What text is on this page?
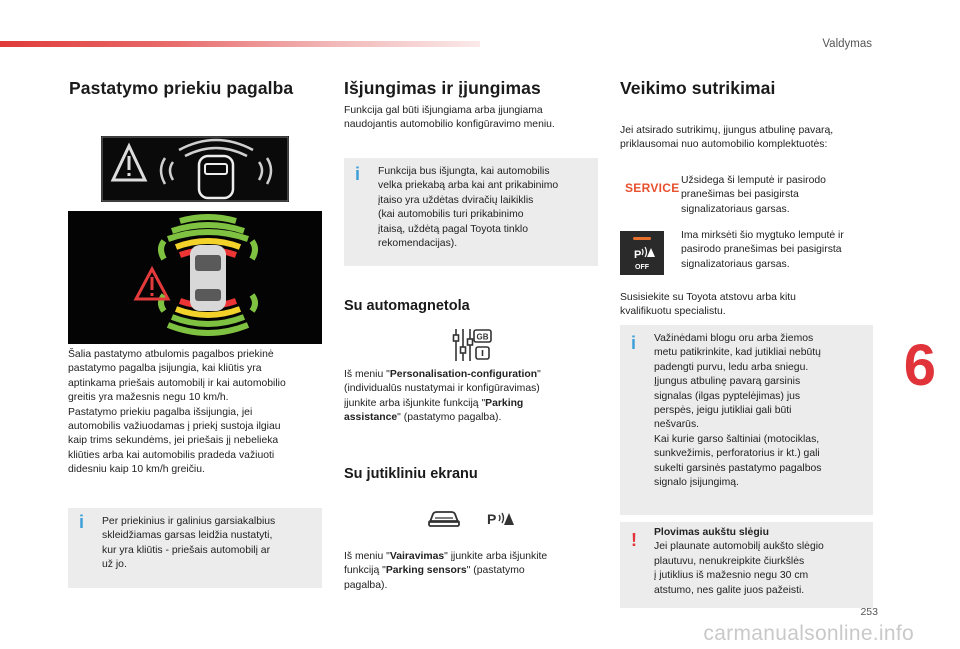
Valdymas
Pastatymo priekiu pagalba
Šalia pastatymo atbulomis pagalbos priekinė
pastatymo pagalba įsijungia, kai kliūtis yra
aptinkama priešais automobilį ir kai automobilio
greitis yra mažesnis negu 10 km/h.
Pastatymo priekiu pagalba išsijungia, jei
automobilis važiuodamas į priekį sustoja ilgiau
kaip trims sekundėms, jei priešais jį nebelieka
kliūties arba kai automobilis pradeda važiuoti
didesniu kaip 10 km/h greičiu.
i Per priekinius ir galinius garsiakalbius
skleidžiamas garsas leidžia nustatyti,
kur yra kliūtis - priešais automobilį ar
už jo.
Išjungimas ir įjungimas
Funkcija gal būti išjungiama arba įjungiama
naudojantis automobilio konfigūravimo meniu.
i Funkcija bus išjungta, kai automobilis
velka priekabą arba kai ant prikabinimo
įtaiso yra uždėtas dviračių laikiklis
(kai automobilis turi prikabinimo
įtaisą, uždėtą pagal Toyota tinklo
rekomendacijas).
Su automagnetola
GB
Iš meniu "Personalisation-configuration"
(individualūs nustatymai ir konfigūravimas)
įjunkite arba išjunkite funkciją "Parking
assistance" (pastatymo pagalba).
Su jutikliniu ekranu
P
Iš meniu "Vairavimas" įjunkite arba išjunkite
funkciją "Parking sensors" (pastatymo
pagalba).
Veikimo sutrikimai
Jei atsirado sutrikimų, įjungus atbulinę pavarą,
priklausomai nuo automobilio komplektuotės:
SERVICE
Užsidega ši lemputė ir pasirodo
pranešimas bei pasigirsta
signalizatoriaus garsas.
P
OFF
Ima mirksėti šio mygtuko lemputė ir
pasirodo pranešimas bei pasigirsta
signalizatoriaus garsas.
Susisiekite su Toyota atstovu arba kitu
kvalifikuotu specialistu.
i Važinėdami blogu oru arba žiemos
metu patikrinkite, kad jutikliai nebūtų
padengti purvu, ledu arba sniegu.
Įjungus atbulinę pavarą garsinis
signalas (ilgas pyptelėjimas) jus
perspės, jeigu jutikliai gali būti
nešvarūs.
Kai kurie garso šaltiniai (motociklas,
sunkvežimis, perforatorius ir kt.) gali
sukelti garsinės pastatymo pagalbos
signalo įsijungimą.
! Plovimas aukštu slėgiu
Jei plaunate automobilį aukšto slėgio
plautuvu, nenukreipkite čiurkšlės
į jutiklius iš mažesnio negu 30 cm
atstumo, nes galite juos pažeisti.
6
253
carmanualsonline.info
